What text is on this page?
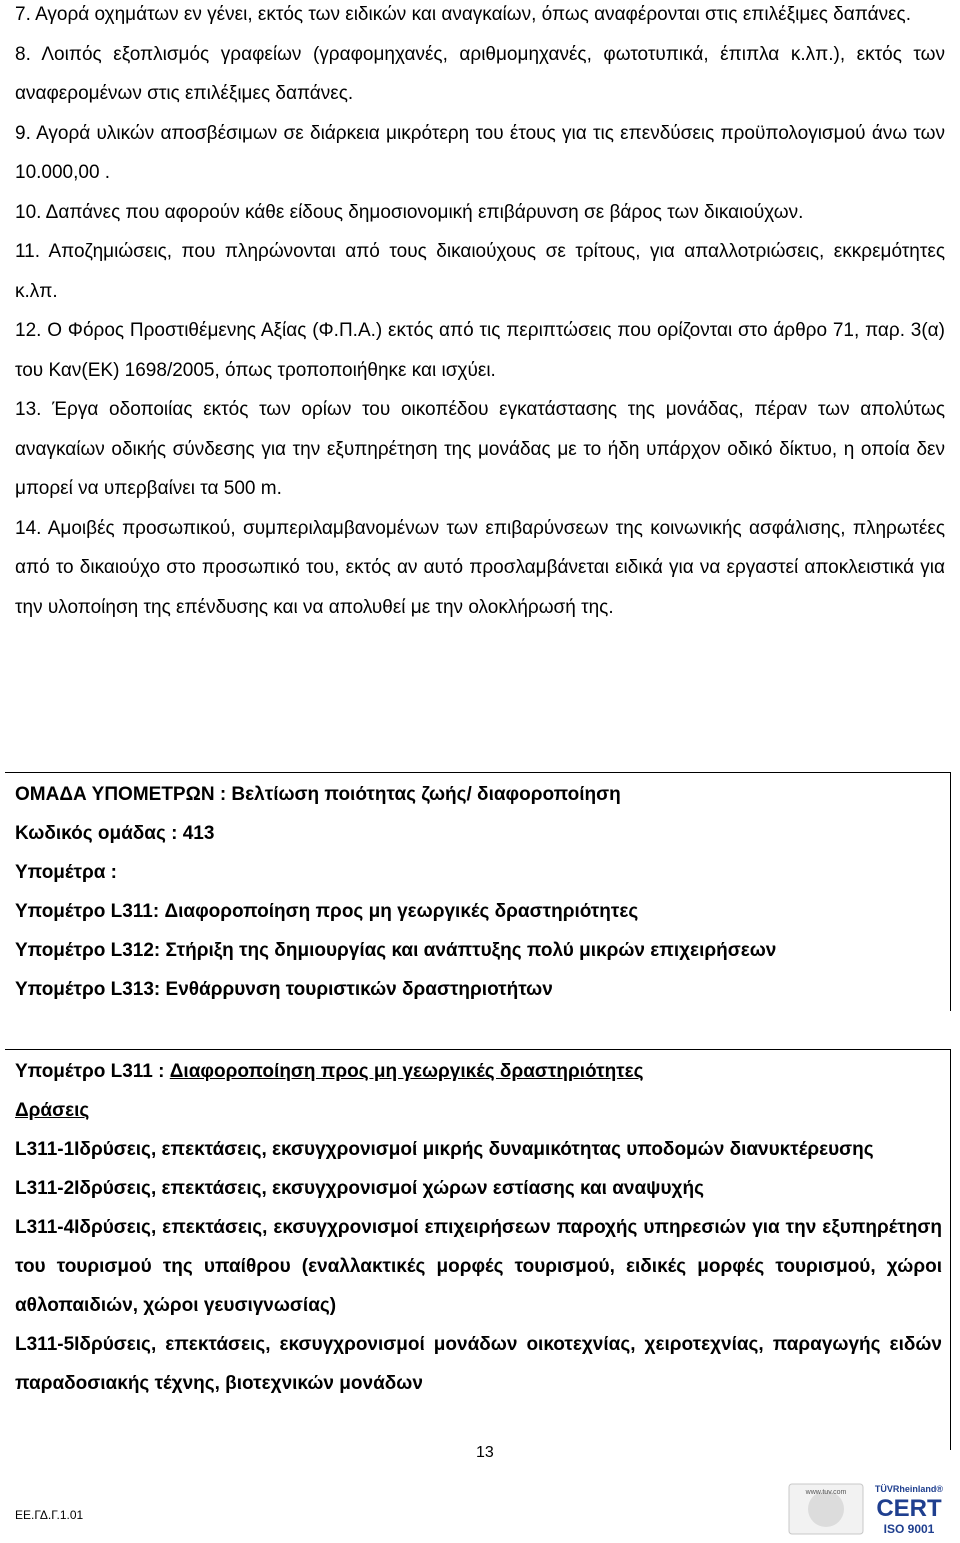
7. Αγορά οχημάτων εν γένει, εκτός των ειδικών και αναγκαίων, όπως αναφέρονται στις επιλέξιμες δαπάνες.

8. Λοιπός εξοπλισμός γραφείων (γραφομηχανές, αριθμομηχανές, φωτοτυπικά, έπιπλα κ.λπ.), εκτός των αναφερομένων στις επιλέξιμες δαπάνες.

9. Αγορά υλικών αποσβέσιμων σε διάρκεια μικρότερη του έτους για τις επενδύσεις προϋπολογισμού άνω των 10.000,00 .

10. Δαπάνες που αφορούν κάθε είδους δημοσιονομική επιβάρυνση σε βάρος των δικαιούχων.

11. Αποζημιώσεις, που πληρώνονται από τους δικαιούχους σε τρίτους, για απαλλοτριώσεις, εκκρεμότητες κ.λπ.

12. Ο Φόρος Προστιθέμενης Αξίας (Φ.Π.Α.) εκτός από τις περιπτώσεις που ορίζονται στο άρθρο 71, παρ. 3(α) του Καν(ΕΚ) 1698/2005, όπως τροποποιήθηκε και ισχύει.

13. Έργα οδοποιίας εκτός των ορίων του οικοπέδου εγκατάστασης της μονάδας, πέραν των απολύτως αναγκαίων οδικής σύνδεσης για την εξυπηρέτηση της μονάδας με το ήδη υπάρχον οδικό δίκτυο, η οποία δεν μπορεί να υπερβαίνει τα 500 m.

14. Αμοιβές προσωπικού, συμπεριλαμβανομένων των επιβαρύνσεων της κοινωνικής ασφάλισης, πληρωτέες από το δικαιούχο στο προσωπικό του, εκτός αν αυτό προσλαμβάνεται ειδικά για να εργαστεί αποκλειστικά για την υλοποίηση της επένδυσης και να απολυθεί με την ολοκλήρωσή της.

ΟΜΑΔΑ ΥΠΟΜΕΤΡΩΝ : Βελτίωση ποιότητας ζωής/ διαφοροποίηση

Κωδικός ομάδας : 413

Υπομέτρα :

Υπομέτρο L311: Διαφοροποίηση προς μη γεωργικές δραστηριότητες

Υπομέτρο L312: Στήριξη της δημιουργίας και ανάπτυξης πολύ μικρών επιχειρήσεων

Υπομέτρο L313: Ενθάρρυνση τουριστικών δραστηριοτήτων

Υπομέτρο L311 : Διαφοροποίηση προς μη γεωργικές δραστηριότητες

Δράσεις

L311-1Ιδρύσεις, επεκτάσεις, εκσυγχρονισμοί μικρής δυναμικότητας υποδομών διανυκτέρευσης

L311-2Ιδρύσεις, επεκτάσεις, εκσυγχρονισμοί χώρων εστίασης και αναψυχής

L311-4Ιδρύσεις, επεκτάσεις, εκσυγχρονισμοί επιχειρήσεων παροχής υπηρεσιών για την εξυπηρέτηση του τουρισμού της υπαίθρου (εναλλακτικές μορφές τουρισμού, ειδικές μορφές τουρισμού, χώροι αθλοπαιδιών, χώροι γευσιγνωσίας)

L311-5Ιδρύσεις, επεκτάσεις, εκσυγχρονισμοί μονάδων οικοτεχνίας, χειροτεχνίας, παραγωγής ειδών παραδοσιακής τέχνης, βιοτεχνικών μονάδων

13
ΕΕ.ΓΔ.Γ.1.01
www.tuv.com	TÜVRheinland®
CERT
ISO 9001
